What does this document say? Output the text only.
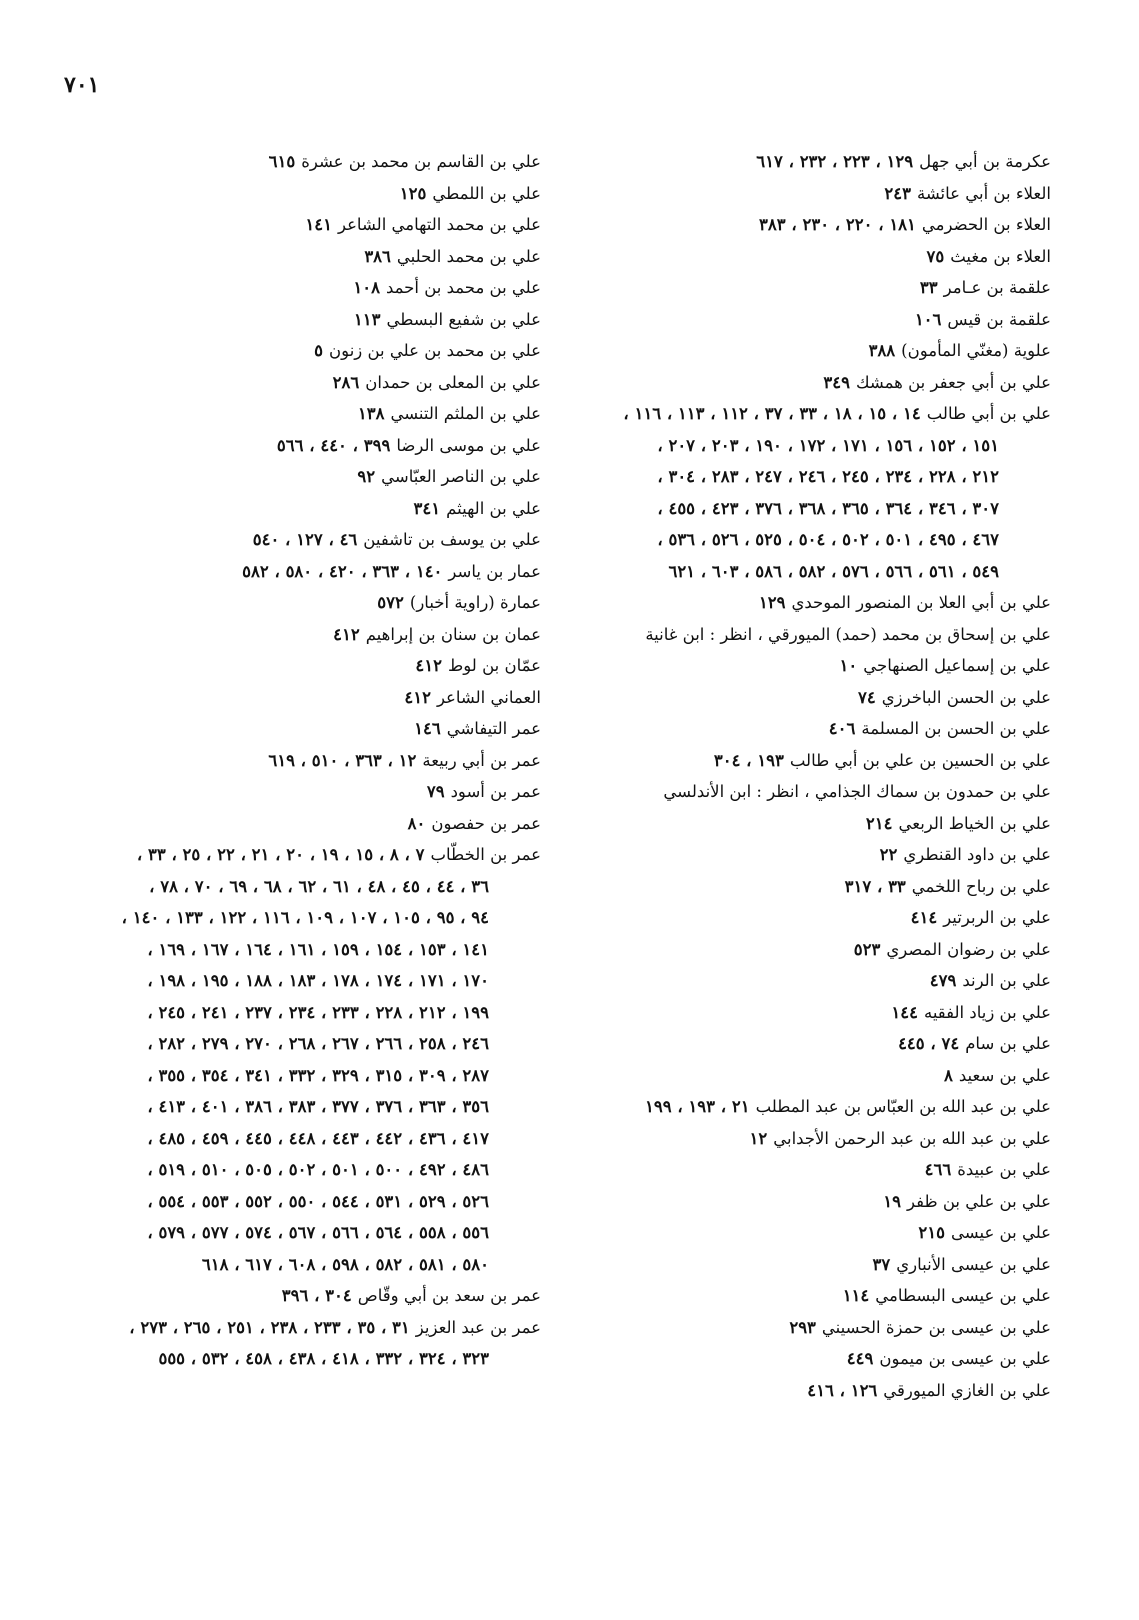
٧٠١
عكرمة بن أبي جهل١٢٩ ، ٢٢٣ ، ٢٣٢ ، ٦١٧
العلاء بن أبي عائشة٢٤٣
العلاء بن الحضرمي١٨١ ، ٢٢٠ ، ٢٣٠ ، ٣٨٣
العلاء بن مغيث٧٥
علقمة بن عـامر٣٣
علقمة بن قيس١٠٦
علوية (مغنّي المأمون)٣٨٨
علي بن أبي جعفر بن همشك٣٤٩
علي بن أبي طالب١٤ ، ١٥ ، ١٨ ، ٣٣ ، ٣٧ ، ١١٢ ، ١١٣ ، ١١٦ ،
١٥١ ، ١٥٢ ، ١٥٦ ، ١٧١ ، ١٧٢ ، ١٩٠ ، ٢٠٣ ، ٢٠٧ ،
٢١٢ ، ٢٢٨ ، ٢٣٤ ، ٢٤٥ ، ٢٤٦ ، ٢٤٧ ، ٢٨٣ ، ٣٠٤ ،
٣٠٧ ، ٣٤٦ ، ٣٦٤ ، ٣٦٥ ، ٣٦٨ ، ٣٧٦ ، ٤٢٣ ، ٤٥٥ ،
٤٦٧ ، ٤٩٥ ، ٥٠١ ، ٥٠٢ ، ٥٠٤ ، ٥٢٥ ، ٥٢٦ ، ٥٣٦ ،
٥٤٩ ، ٥٦١ ، ٥٦٦ ، ٥٧٦ ، ٥٨٢ ، ٥٨٦ ، ٦٠٣ ، ٦٢١
علي بن أبي العلا بن المنصور الموحدي١٢٩
علي بن إسحاق بن محمد (حمد) الميورقي ، انظر : ابن غانية
علي بن إسماعيل الصنهاجي١٠
علي بن الحسن الباخرزي٧٤
علي بن الحسن بن المسلمة٤٠٦
علي بن الحسين بن علي بن أبي طالب١٩٣ ، ٣٠٤
علي بن حمدون بن سماك الجذامي ، انظر : ابن الأندلسي
علي بن الخياط الربعي٢١٤
علي بن داود القنطري٢٢
علي بن رباح اللخمي٣٣ ، ٣١٧
علي بن الربرتير٤١٤
علي بن رضوان المصري٥٢٣
علي بن الرند٤٧٩
علي بن زياد الفقيه١٤٤
علي بن سام٧٤ ، ٤٤٥
علي بن سعيد٨
علي بن عبد الله بن العبّاس بن عبد المطلب٢١ ، ١٩٣ ، ١٩٩
علي بن عبد الله بن عبد الرحمن الأجدابي١٢
علي بن عبيدة٤٦٦
علي بن علي بن ظفر١٩
علي بن عيسى٢١٥
علي بن عيسى الأنباري٣٧
علي بن عيسى البسطامي١١٤
علي بن عيسى بن حمزة الحسيني٢٩٣
علي بن عيسى بن ميمون٤٤٩
علي بن الغازي الميورقي١٢٦ ، ٤١٦
علي بن القاسم بن محمد بن عشرة٦١٥
علي بن اللمطي١٢٥
علي بن محمد التهامي الشاعر١٤١
علي بن محمد الحلبي٣٨٦
علي بن محمد بن أحمد١٠٨
علي بن شفيع البسطي١١٣
علي بن محمد بن علي بن زنون٥
علي بن المعلى بن حمدان٢٨٦
علي بن الملثم التنسي١٣٨
علي بن موسى الرضا٣٩٩ ، ٤٤٠ ، ٥٦٦
علي بن الناصر العبّاسي٩٢
علي بن الهيثم٣٤١
علي بن يوسف بن تاشفين٤٦ ، ١٢٧ ، ٥٤٠
عمار بن ياسر١٤٠ ، ٣٦٣ ، ٤٢٠ ، ٥٨٠ ، ٥٨٢
عمارة (راوية أخبار)٥٧٢
عمان بن سنان بن إبراهيم٤١٢
عمّان بن لوط٤١٢
العماني الشاعر٤١٢
عمر التيفاشي١٤٦
عمر بن أبي ربيعة١٢ ، ٣٦٣ ، ٥١٠ ، ٦١٩
عمر بن أسود٧٩
عمر بن حفصون٨٠
عمر بن الخطّاب٧ ، ٨ ، ١٥ ، ١٩ ، ٢٠ ، ٢١ ، ٢٢ ، ٢٥ ، ٣٣ ،
٣٦ ، ٤٤ ، ٤٥ ، ٤٨ ، ٦١ ، ٦٢ ، ٦٨ ، ٦٩ ، ٧٠ ، ٧٨ ،
٩٤ ، ٩٥ ، ١٠٥ ، ١٠٧ ، ١٠٩ ، ١١٦ ، ١٢٢ ، ١٣٣ ، ١٤٠ ،
١٤١ ، ١٥٣ ، ١٥٤ ، ١٥٩ ، ١٦١ ، ١٦٤ ، ١٦٧ ، ١٦٩ ،
١٧٠ ، ١٧١ ، ١٧٤ ، ١٧٨ ، ١٨٣ ، ١٨٨ ، ١٩٥ ، ١٩٨ ،
١٩٩ ، ٢١٢ ، ٢٢٨ ، ٢٣٣ ، ٢٣٤ ، ٢٣٧ ، ٢٤١ ، ٢٤٥ ،
٢٤٦ ، ٢٥٨ ، ٢٦٦ ، ٢٦٧ ، ٢٦٨ ، ٢٧٠ ، ٢٧٩ ، ٢٨٢ ،
٢٨٧ ، ٣٠٩ ، ٣١٥ ، ٣٢٩ ، ٣٣٢ ، ٣٤١ ، ٣٥٤ ، ٣٥٥ ،
٣٥٦ ، ٣٦٣ ، ٣٧٦ ، ٣٧٧ ، ٣٨٣ ، ٣٨٦ ، ٤٠١ ، ٤١٣ ،
٤١٧ ، ٤٣٦ ، ٤٤٢ ، ٤٤٣ ، ٤٤٨ ، ٤٤٥ ، ٤٥٩ ، ٤٨٥ ،
٤٨٦ ، ٤٩٢ ، ٥٠٠ ، ٥٠١ ، ٥٠٢ ، ٥٠٥ ، ٥١٠ ، ٥١٩ ،
٥٢٦ ، ٥٢٩ ، ٥٣١ ، ٥٤٤ ، ٥٥٠ ، ٥٥٢ ، ٥٥٣ ، ٥٥٤ ،
٥٥٦ ، ٥٥٨ ، ٥٦٤ ، ٥٦٦ ، ٥٦٧ ، ٥٧٤ ، ٥٧٧ ، ٥٧٩ ،
٥٨٠ ، ٥٨١ ، ٥٨٢ ، ٥٩٨ ، ٦٠٨ ، ٦١٧ ، ٦١٨
عمر بن سعد بن أبي وقّاص٣٠٤ ، ٣٩٦
عمر بن عبد العزيز٣١ ، ٣٥ ، ٢٣٣ ، ٢٣٨ ، ٢٥١ ، ٢٦٥ ، ٢٧٣ ،
٣٢٣ ، ٣٢٤ ، ٣٣٢ ، ٤١٨ ، ٤٣٨ ، ٤٥٨ ، ٥٣٢ ، ٥٥٥
